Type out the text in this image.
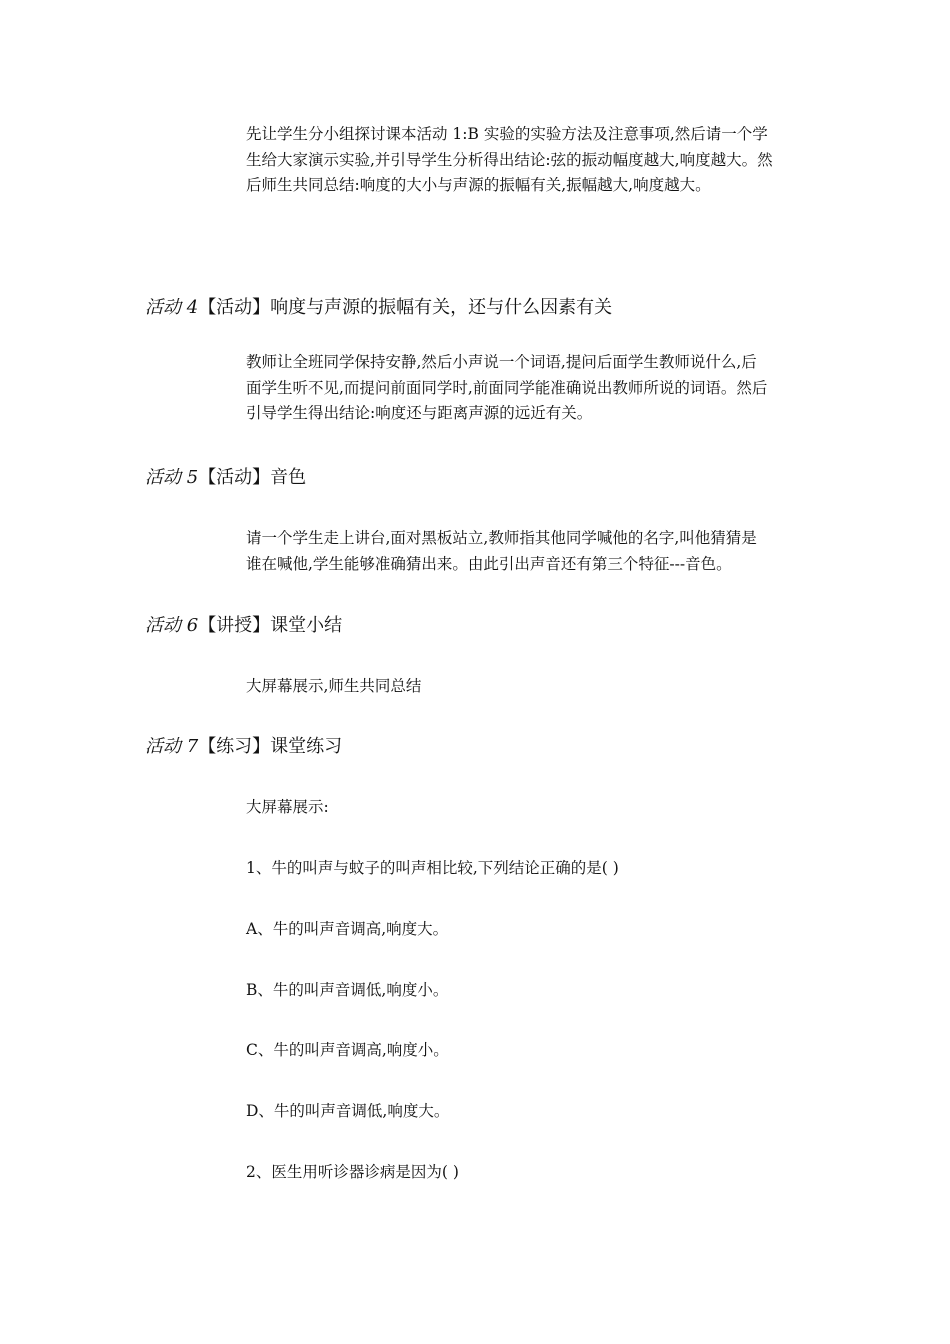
先让学生分小组探讨课本活动 1:B 实验的实验方法及注意事项,然后请一个学
生给大家演示实验,并引导学生分析得出结论:弦的振动幅度越大,响度越大。然
后师生共同总结:响度的大小与声源的振幅有关,振幅越大,响度越大。
活动 4【活动】响度与声源的振幅有关，还与什么因素有关
教师让全班同学保持安静,然后小声说一个词语,提问后面学生教师说什么,后
面学生听不见,而提问前面同学时,前面同学能准确说出教师所说的词语。然后
引导学生得出结论:响度还与距离声源的远近有关。
活动 5【活动】音色
请一个学生走上讲台,面对黑板站立,教师指其他同学喊他的名字,叫他猜猜是
谁在喊他,学生能够准确猜出来。由此引出声音还有第三个特征---音色。
活动 6【讲授】课堂小结
大屏幕展示,师生共同总结
活动 7【练习】课堂练习
大屏幕展示:
1、牛的叫声与蚊子的叫声相比较,下列结论正确的是( )
A、牛的叫声音调高,响度大。
B、牛的叫声音调低,响度小。
C、牛的叫声音调高,响度小。
D、牛的叫声音调低,响度大。
2、医生用听诊器诊病是因为( )
